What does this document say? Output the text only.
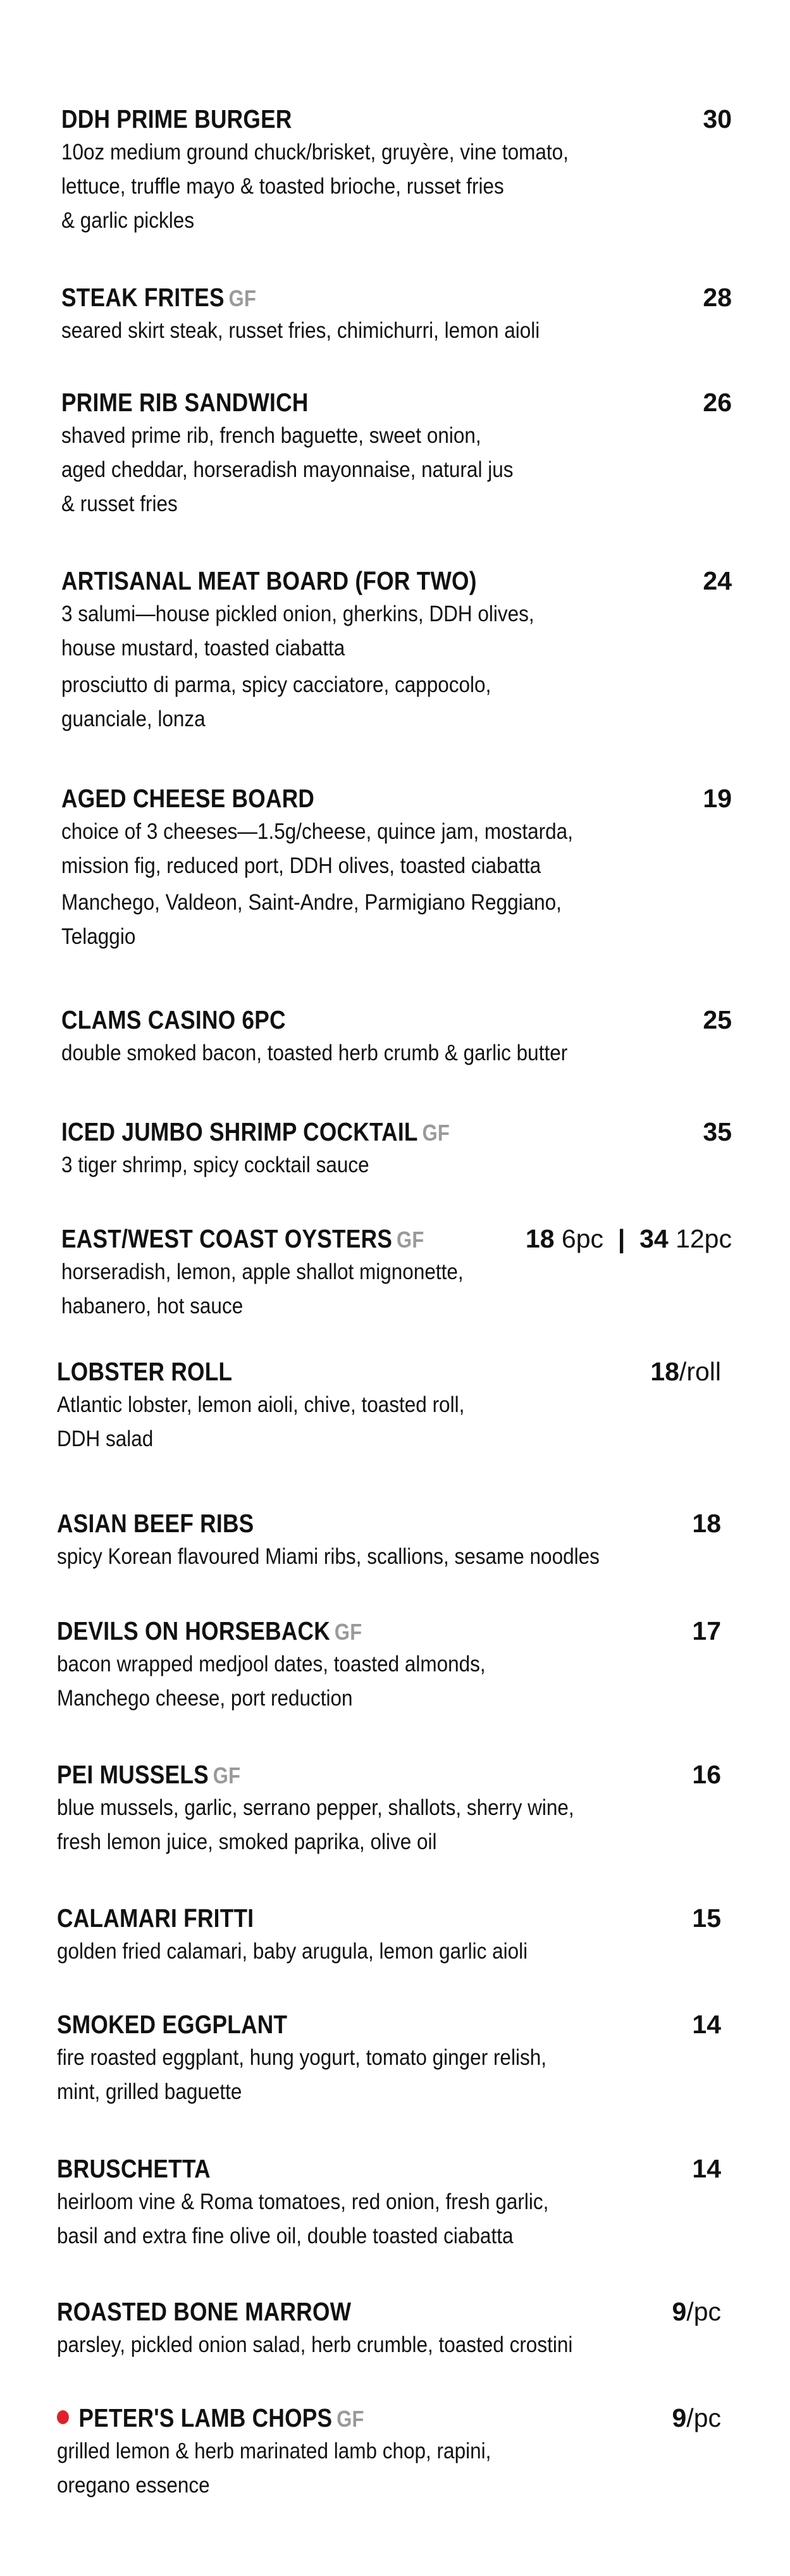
DDH PRIME BURGER	30
10oz medium ground chuck/brisket, gruyère, vine tomato,
lettuce, truffle mayo & toasted brioche, russet fries
& garlic pickles
STEAK FRITES GF	28
seared skirt steak, russet fries, chimichurri, lemon aioli
PRIME RIB SANDWICH	26
shaved prime rib, french baguette, sweet onion,
aged cheddar, horseradish mayonnaise, natural jus
& russet fries
ARTISANAL MEAT BOARD (FOR TWO)	24
3 salumi—house pickled onion, gherkins, DDH olives,
house mustard, toasted ciabatta
prosciutto di parma, spicy cacciatore, cappocolo,
guanciale, lonza
AGED CHEESE BOARD	19
choice of 3 cheeses—1.5g/cheese, quince jam, mostarda,
mission fig, reduced port, DDH olives, toasted ciabatta
Manchego, Valdeon, Saint-Andre, Parmigiano Reggiano,
Telaggio
CLAMS CASINO 6PC	25
double smoked bacon, toasted herb crumb & garlic butter
ICED JUMBO SHRIMP COCKTAIL GF	35
3 tiger shrimp, spicy cocktail sauce
EAST/WEST COAST OYSTERS GF	18 6pc  |  34 12pc
horseradish, lemon, apple shallot mignonette,
habanero, hot sauce
LOBSTER ROLL	18/roll
Atlantic lobster, lemon aioli, chive, toasted roll,
DDH salad
ASIAN BEEF RIBS	18
spicy Korean flavoured Miami ribs, scallions, sesame noodles
DEVILS ON HORSEBACK GF	17
bacon wrapped medjool dates, toasted almonds,
Manchego cheese, port reduction
PEI MUSSELS GF	16
blue mussels, garlic, serrano pepper, shallots, sherry wine,
fresh lemon juice, smoked paprika, olive oil
CALAMARI FRITTI	15
golden fried calamari, baby arugula, lemon garlic aioli
SMOKED EGGPLANT	14
fire roasted eggplant, hung yogurt, tomato ginger relish,
mint, grilled baguette
BRUSCHETTA	14
heirloom vine & Roma tomatoes, red onion, fresh garlic,
basil and extra fine olive oil, double toasted ciabatta
ROASTED BONE MARROW	9/pc
parsley, pickled onion salad, herb crumble, toasted crostini
PETER'S LAMB CHOPS GF	9/pc
grilled lemon & herb marinated lamb chop, rapini,
oregano essence
